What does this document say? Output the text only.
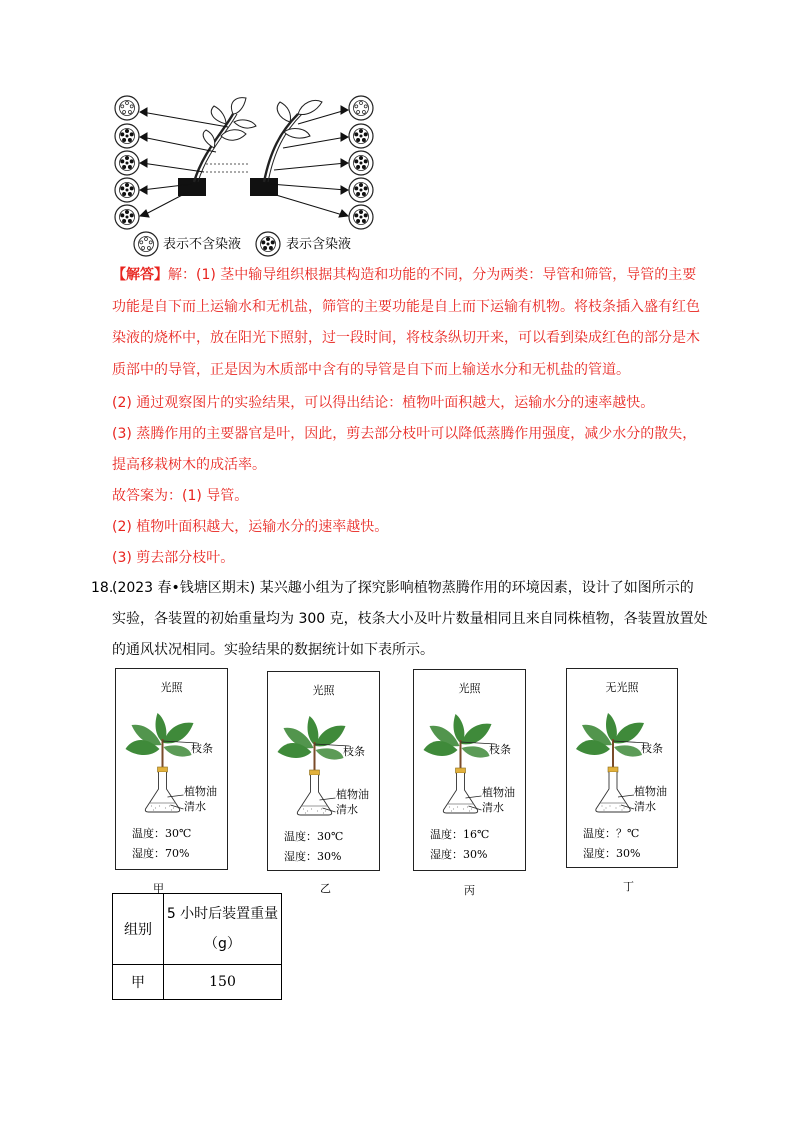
表示不含染液	表示含染液
【解答】解：(1) 茎中输导组织根据其构造和功能的不同，分为两类：导管和筛管，导管的主要
功能是自下而上运输水和无机盐，筛管的主要功能是自上而下运输有机物。将枝条插入盛有红色
染液的烧杯中，放在阳光下照射，过一段时间，将枝条纵切开来，可以看到染成红色的部分是木
质部中的导管，正是因为木质部中含有的导管是自下而上输送水分和无机盐的管道。
(2) 通过观察图片的实验结果，可以得出结论：植物叶面积越大，运输水分的速率越快。
(3) 蒸腾作用的主要器官是叶，因此，剪去部分枝叶可以降低蒸腾作用强度，减少水分的散失，
提高移栽树木的成活率。
故答案为：(1) 导管。
(2) 植物叶面积越大，运输水分的速率越快。
(3) 剪去部分枝叶。
18.
(2023 春•钱塘区期末) 某兴趣小组为了探究影响植物蒸腾作用的环境因素，设计了如图所示的
实验，各装置的初始重量均为 300 克，枝条大小及叶片数量相同且来自同株植物，各装置放置处
的通风状况相同。实验结果的数据统计如下表所示。
光照
枝条
植物油
清水
温度：30℃
湿度：70%
甲
光照
枝条
植物油
清水
温度：30℃
湿度：30%
乙
光照
枝条
植物油
清水
温度：16℃
湿度：30%
丙
无光照
枝条
植物油
清水
温度：？℃
湿度：30%
丁
组别	5 小时后装置重量
（g）

甲	150
